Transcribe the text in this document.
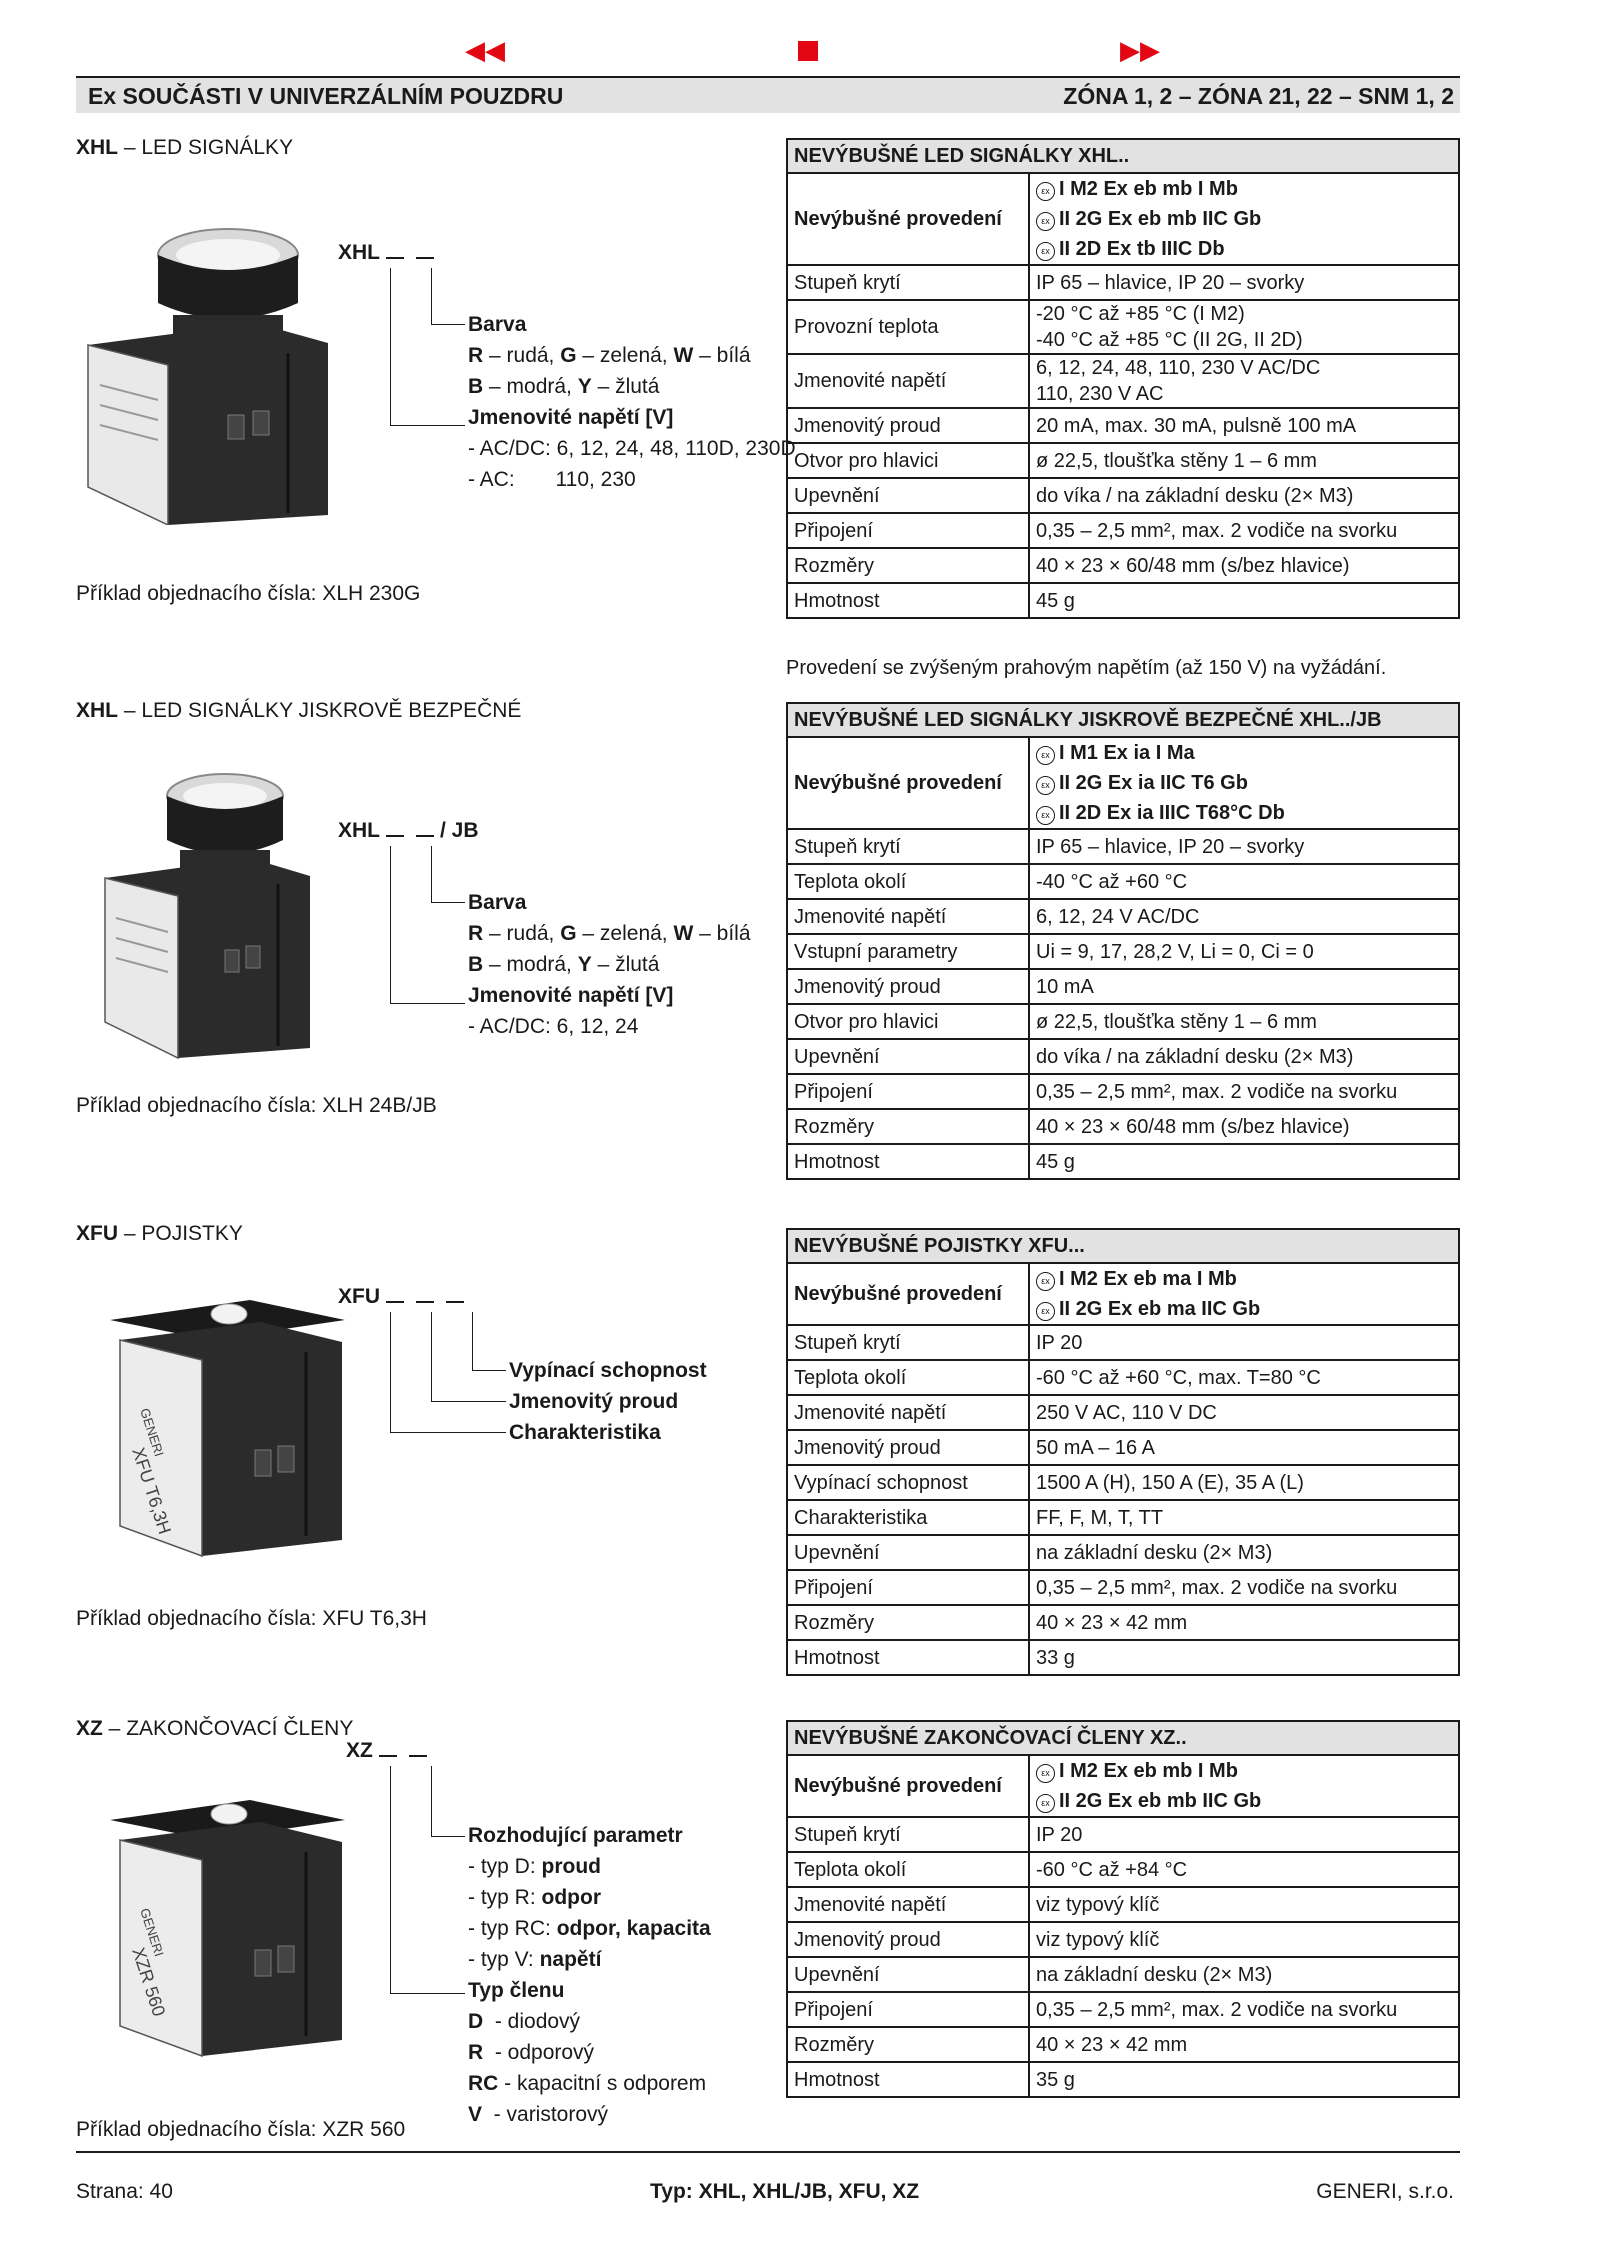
◀◀	▶▶
Ex SOUČÁSTI V UNIVERZÁLNÍM POUZDRU	ZÓNA 1, 2 – ZÓNA 21, 22 – SNM 1, 2
XHL – LED SIGNÁLKY
XHL
Barva
R – rudá, G – zelená, W – bílá
B – modrá, Y – žlutá
Jmenovité napětí [V]
- AC/DC: 6, 12, 24, 48, 110D, 230D
- AC:       110, 230
Příklad objednacího čísla: XLH 230G
XHL – LED SIGNÁLKY JISKROVĚ BEZPEČNÉ
XHL	/ JB
Barva
R – rudá, G – zelená, W – bílá
B – modrá, Y – žlutá
Jmenovité napětí [V]
- AC/DC: 6, 12, 24
Příklad objednacího čísla: XLH 24B/JB
XFU – POJISTKY
GENERI
XFU T6,3H
XFU
Vypínací schopnost
Jmenovitý proud
Charakteristika
Příklad objednacího čísla: XFU T6,3H
XZ – ZAKONČOVACÍ ČLENY
GENERI
XZR 560
XZ
Rozhodující parametr
- typ D: proud
- typ R: odpor
- typ RC: odpor, kapacita
- typ V: napětí
Typ členu
D  - diodový
R  - odporový
RC - kapacitní s odporem
V  - varistorový
Příklad objednacího čísla: XZR 560
NEVÝBUŠNÉ LED SIGNÁLKY XHL..	
Nevýbušné provedení	εx I M2 Ex eb mb I Mb
εx II 2G Ex eb mb IIC Gb
εx II 2D Ex tb IIIC Db

Stupeň krytí	IP 65 – hlavice, IP 20 – svorky
Provozní teplota	-20 °C až +85 °C (I M2)
-40 °C až +85 °C (II 2G, II 2D)
Jmenovité napětí	6, 12, 24, 48, 110, 230 V AC/DC
110, 230 V AC
Jmenovitý proud	20 mA, max. 30 mA, pulsně 100 mA
Otvor pro hlavici	ø 22,5, tloušťka stěny 1 – 6 mm
Upevnění	do víka / na základní desku (2× M3)
Připojení	0,35 – 2,5 mm², max. 2 vodiče na svorku
Rozměry	40 × 23 × 60/48 mm (s/bez hlavice)
Hmotnost	45 g
Provedení se zvýšeným prahovým napětím (až 150 V) na vyžádání.
NEVÝBUŠNÉ LED SIGNÁLKY JISKROVĚ BEZPEČNÉ XHL../JB	
Nevýbušné provedení	εx I M1 Ex ia I Ma
εx II 2G Ex ia IIC T6 Gb
εx II 2D Ex ia IIIC T68°C Db

Stupeň krytí	IP 65 – hlavice, IP 20 – svorky
Teplota okolí	-40 °C až +60 °C
Jmenovité napětí	6, 12, 24 V AC/DC
Vstupní parametry	Ui = 9, 17, 28,2 V, Li = 0, Ci = 0
Jmenovitý proud	10 mA
Otvor pro hlavici	ø 22,5, tloušťka stěny 1 – 6 mm
Upevnění	do víka / na základní desku (2× M3)
Připojení	0,35 – 2,5 mm², max. 2 vodiče na svorku
Rozměry	40 × 23 × 60/48 mm (s/bez hlavice)
Hmotnost	45 g
NEVÝBUŠNÉ POJISTKY XFU...	
Nevýbušné provedení	εx I M2 Ex eb ma I Mb
εx II 2G Ex eb ma IIC Gb

Stupeň krytí	IP 20
Teplota okolí	-60 °C až +60 °C, max. T=80 °C
Jmenovité napětí	250 V AC, 110 V DC
Jmenovitý proud	50 mA – 16 A
Vypínací schopnost	1500 A (H), 150 A (E), 35 A (L)
Charakteristika	FF, F, M, T, TT
Upevnění	na základní desku (2× M3)
Připojení	0,35 – 2,5 mm², max. 2 vodiče na svorku
Rozměry	40 × 23 × 42 mm
Hmotnost	33 g
NEVÝBUŠNÉ ZAKONČOVACÍ ČLENY XZ..	
Nevýbušné provedení	εx I M2 Ex eb mb I Mb
εx II 2G Ex eb mb IIC Gb

Stupeň krytí	IP 20
Teplota okolí	-60 °C až +84 °C
Jmenovité napětí	viz typový klíč
Jmenovitý proud	viz typový klíč
Upevnění	na základní desku (2× M3)
Připojení	0,35 – 2,5 mm², max. 2 vodiče na svorku
Rozměry	40 × 23 × 42 mm
Hmotnost	35 g
Strana: 40	Typ: XHL, XHL/JB, XFU, XZ	GENERI, s.r.o.
